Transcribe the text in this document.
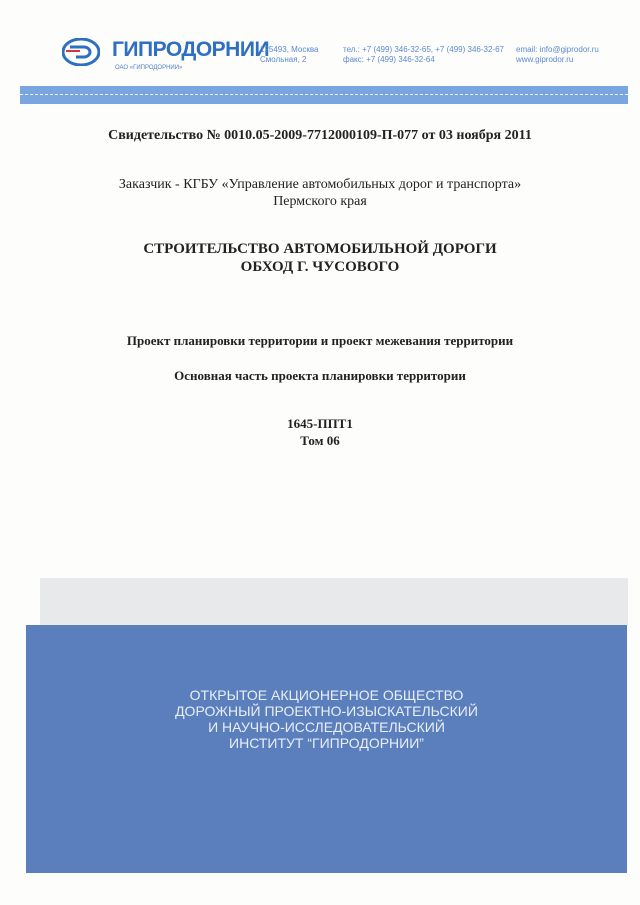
ГИПРОДОРНИИ
ОАО «ГИПРОДОРНИИ»
125493, Москва
Смольная, 2
тел.: +7 (499) 346-32-65, +7 (499) 346-32-67
факс: +7 (499) 346-32-64
email: info@giprodor.ru
www.giprodor.ru
Свидетельство № 0010.05-2009-7712000109-П-077 от 03 ноября 2011
Заказчик - КГБУ «Управление автомобильных дорог и транспорта»
Пермского края
СТРОИТЕЛЬСТВО АВТОМОБИЛЬНОЙ ДОРОГИ
ОБХОД Г. ЧУСОВОГО
Проект планировки территории и проект межевания территории
Основная часть проекта планировки территории
1645-ППТ1
Том 06
ОТКРЫТОЕ АКЦИОНЕРНОЕ ОБЩЕСТВО
ДОРОЖНЫЙ ПРОЕКТНО-ИЗЫСКАТЕЛЬСКИЙ
И НАУЧНО-ИССЛЕДОВАТЕЛЬСКИЙ
ИНСТИТУТ “ГИПРОДОРНИИ”
